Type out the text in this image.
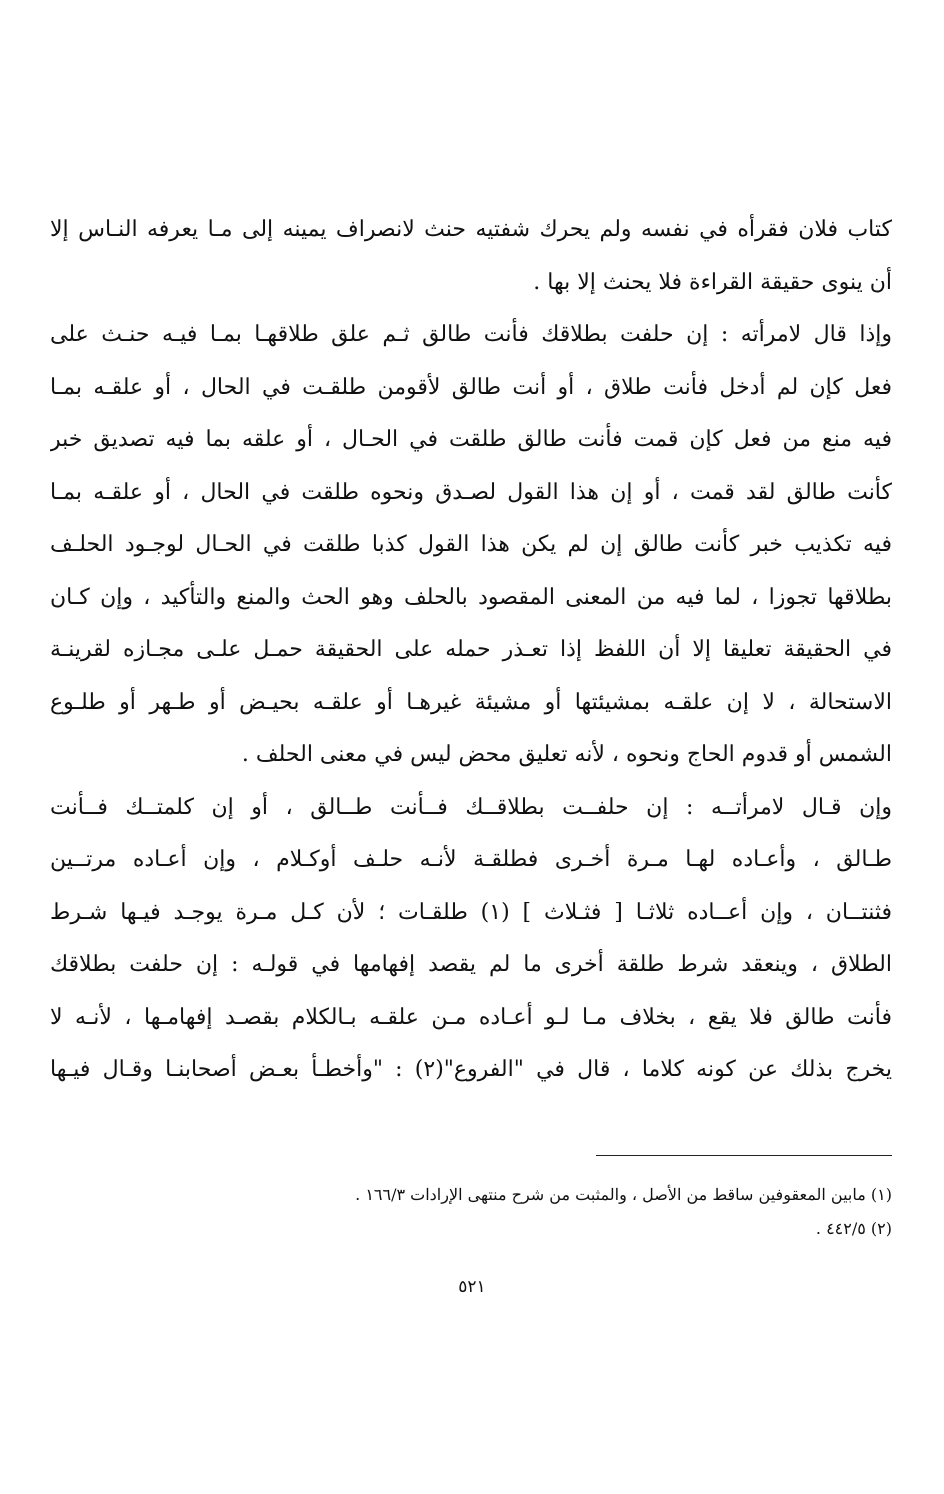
كتاب فلان فقرأه في نفسه ولم يحرك شفتيه حنث لانصراف يمينه إلى مـا يعرفه النـاس إلا
أن ينوى حقيقة القراءة فلا يحنث إلا بها .
وإذا قال لامرأته : إن حلفت بطلاقك فأنت طالق ثـم علق طلاقهـا بمـا فيـه حنـث على
فعل كإن لم أدخل فأنت طلاق ، أو أنت طالق لأقومن طلقـت في الحال ، أو علقـه بمـا
فيه منع من فعل كإن قمت فأنت طالق طلقت في الحـال ، أو علقه بما فيه تصديق خبر
كأنت طالق لقد قمت ، أو إن هذا القول لصـدق ونحوه طلقت في الحال ، أو علقـه بمـا
فيه تكذيب خبر كأنت طالق إن لم يكن هذا القول كذبا طلقت في الحـال لوجـود الحلـف
بطلاقها تجوزا ، لما فيه من المعنى المقصود بالحلف وهو الحث والمنع والتأكيد ، وإن كـان
في الحقيقة تعليقا إلا أن اللفظ إذا تعـذر حمله على الحقيقة حمـل علـى مجـازه لقرينـة
الاستحالة ، لا إن علقـه بمشيئتها أو مشيئة غيرهـا أو علقـه بحيـض أو طـهر أو طلـوع
الشمس أو قدوم الحاج ونحوه ، لأنه تعليق محض ليس في معنى الحلف .
وإن قـال لامرأتــه : إن حلفــت بطلاقــك فــأنت طــالق ، أو إن كلمتــك فــأنت
طـالق ، وأعـاده لهـا مـرة أخـرى فطلقـة لأنـه حلـف أوكـلام ، وإن أعـاده مرتــين
فثنتــان ، وإن أعــاده ثلاثـا [ فثـلاث ] (١) طلقـات ؛ لأن كـل مـرة يوجـد فيـها شـرط
الطلاق ، وينعقد شرط طلقة أخرى ما لم يقصد إفهامها في قولـه : إن حلفت بطلاقك
فأنت طالق فلا يقع ، بخلاف مـا لـو أعـاده مـن علقـه بـالكلام بقصـد إفهامـها ، لأنـه لا
يخرج بذلك عن كونه كلاما ، قال في "الفروع"(٢) : "وأخطـأ بعـض أصحابنـا وقـال فيـها
(١) مابين المعقوفين ساقط من الأصل ، والمثبت من شرح منتهى الإرادات ١٦٦/٣ .
(٢) ٤٤٢/٥ .
٥٢١
